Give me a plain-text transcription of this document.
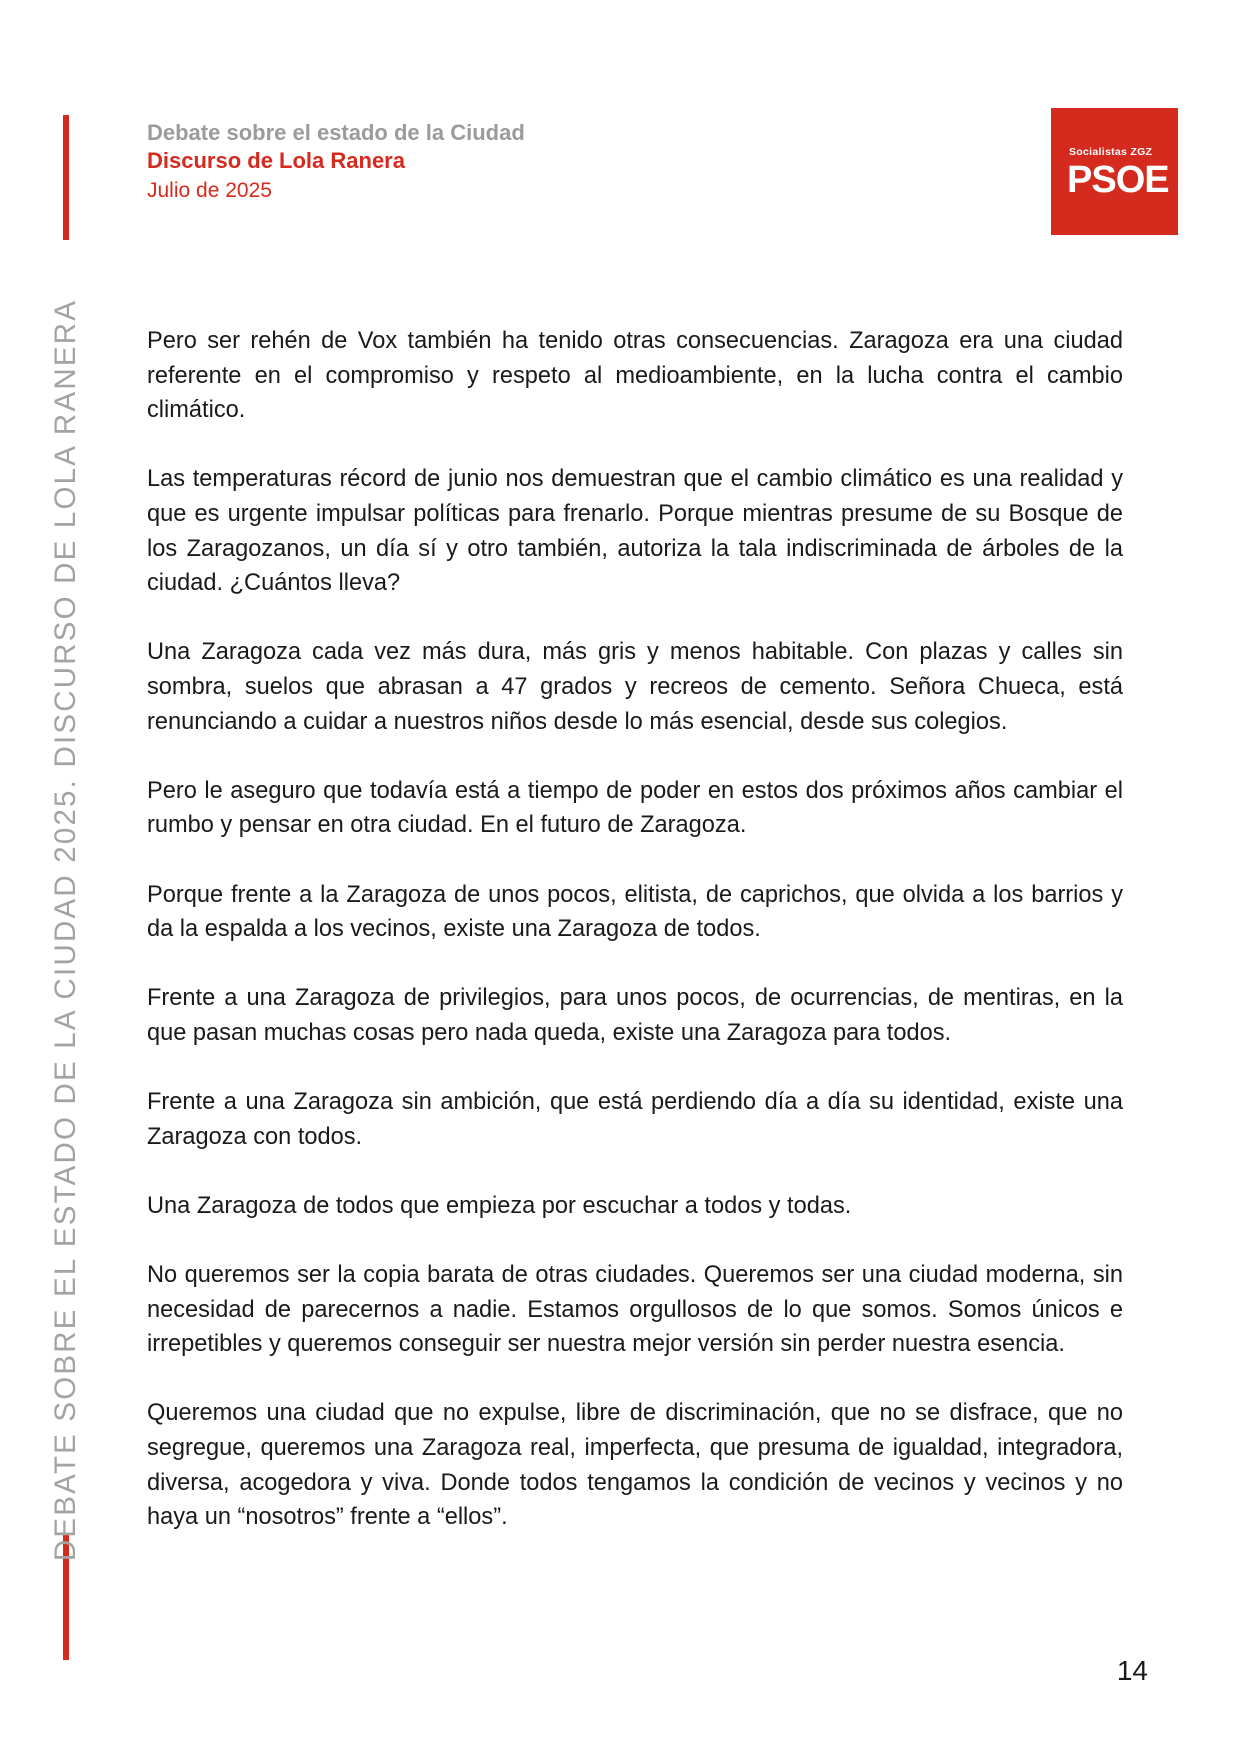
DEBATE SOBRE EL ESTADO DE LA CIUDAD 2025. DISCURSO DE LOLA RANERA
Debate sobre el estado de la Ciudad
Discurso de Lola Ranera
Julio de 2025
Socialistas ZGZ
PSOE

Pero ser rehén de Vox también ha tenido otras consecuencias. Zaragoza era una ciudad referente en el compromiso y respeto al medioambiente, en la lucha contra el cambio climático.

Las temperaturas récord de junio nos demuestran que el cambio climático es una realidad y que es urgente impulsar políticas para frenarlo. Porque mientras presume de su Bosque de los Zaragozanos, un día sí y otro también, autoriza la tala indiscriminada de árboles de la ciudad. ¿Cuántos lleva?

Una Zaragoza cada vez más dura, más gris y menos habitable. Con plazas y calles sin sombra, suelos que abrasan a 47 grados y recreos de cemento. Señora Chueca, está renunciando a cuidar a nuestros niños desde lo más esencial, desde sus colegios.

Pero le aseguro que todavía está a tiempo de poder en estos dos próximos años cambiar el rumbo y pensar en otra ciudad. En el futuro de Zaragoza.

Porque frente a la Zaragoza de unos pocos, elitista, de caprichos, que olvida a los barrios y da la espalda a los vecinos, existe una Zaragoza de todos.

Frente a una Zaragoza de privilegios, para unos pocos, de ocurrencias, de mentiras, en la que pasan muchas cosas pero nada queda, existe una Zaragoza para todos.

Frente a una Zaragoza sin ambición, que está perdiendo día a día su identidad, existe una Zaragoza con todos.

Una Zaragoza de todos que empieza por escuchar a todos y todas.

No queremos ser la copia barata de otras ciudades. Queremos ser una ciudad moderna, sin necesidad de parecernos a nadie. Estamos orgullosos de lo que somos. Somos únicos e irrepetibles y queremos conseguir ser nuestra mejor versión sin perder nuestra esencia.

Queremos una ciudad que no expulse, libre de discriminación, que no se disfrace, que no segregue, queremos una Zaragoza real, imperfecta, que presuma de igualdad, integradora, diversa, acogedora y viva. Donde todos tengamos la condición de vecinos y vecinos y no haya un “nosotros” frente a “ellos”.

14
